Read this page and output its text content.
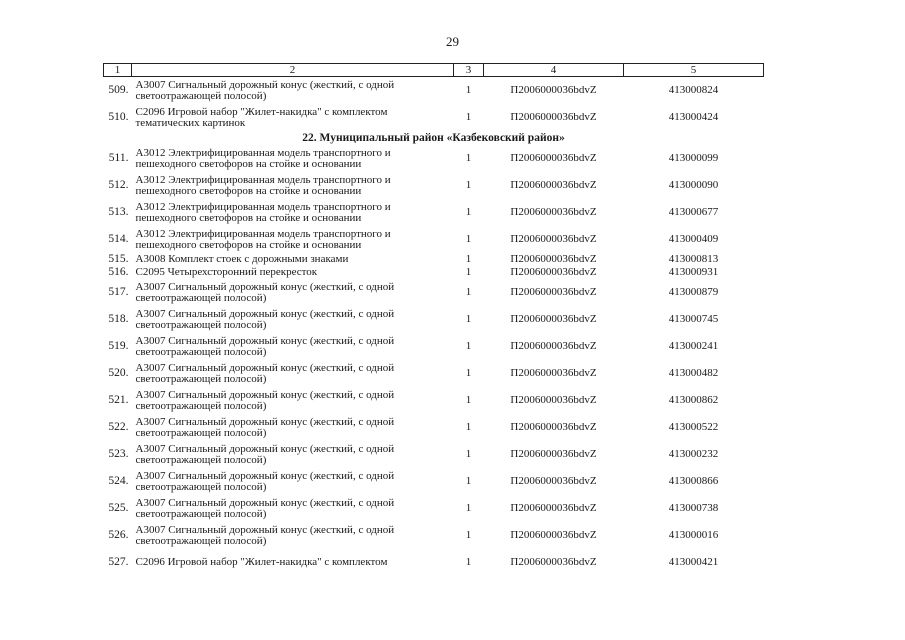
29
1	2	3	4	5
509.	А3007 Сигнальный дорожный конус (жесткий, с одной светоотражающей полосой)	1	П2006000036bdvZ	413000824
510.	С2096 Игровой набор "Жилет-накидка" с комплектом тематических картинок	1	П2006000036bdvZ	413000424
22. Муниципальный район «Казбековский район»				
511.	А3012 Электрифицированная модель транспортного и пешеходного светофоров на стойке и основании	1	П2006000036bdvZ	413000099
512.	А3012 Электрифицированная модель транспортного и пешеходного светофоров на стойке и основании	1	П2006000036bdvZ	413000090
513.	А3012 Электрифицированная модель транспортного и пешеходного светофоров на стойке и основании	1	П2006000036bdvZ	413000677
514.	А3012 Электрифицированная модель транспортного и пешеходного светофоров на стойке и основании	1	П2006000036bdvZ	413000409
515.	А3008 Комплект стоек с дорожными знаками	1	П2006000036bdvZ	413000813
516.	С2095 Четырехсторонний перекресток	1	П2006000036bdvZ	413000931
517.	А3007 Сигнальный дорожный конус (жесткий, с одной светоотражающей полосой)	1	П2006000036bdvZ	413000879
518.	А3007 Сигнальный дорожный конус (жесткий, с одной светоотражающей полосой)	1	П2006000036bdvZ	413000745
519.	А3007 Сигнальный дорожный конус (жесткий, с одной светоотражающей полосой)	1	П2006000036bdvZ	413000241
520.	А3007 Сигнальный дорожный конус (жесткий, с одной светоотражающей полосой)	1	П2006000036bdvZ	413000482
521.	А3007 Сигнальный дорожный конус (жесткий, с одной светоотражающей полосой)	1	П2006000036bdvZ	413000862
522.	А3007 Сигнальный дорожный конус (жесткий, с одной светоотражающей полосой)	1	П2006000036bdvZ	413000522
523.	А3007 Сигнальный дорожный конус (жесткий, с одной светоотражающей полосой)	1	П2006000036bdvZ	413000232
524.	А3007 Сигнальный дорожный конус (жесткий, с одной светоотражающей полосой)	1	П2006000036bdvZ	413000866
525.	А3007 Сигнальный дорожный конус (жесткий, с одной светоотражающей полосой)	1	П2006000036bdvZ	413000738
526.	А3007 Сигнальный дорожный конус (жесткий, с одной светоотражающей полосой)	1	П2006000036bdvZ	413000016
527.	С2096 Игровой набор "Жилет-накидка" с комплектом	1	П2006000036bdvZ	413000421
